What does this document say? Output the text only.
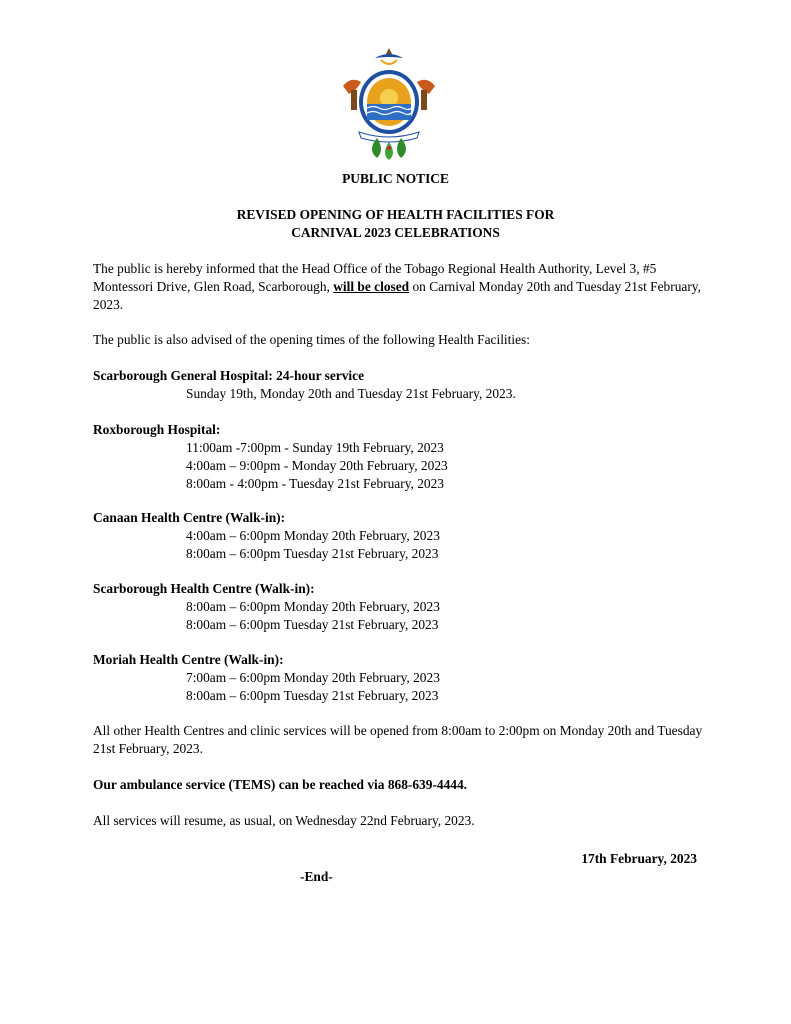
PUBLIC NOTICE
REVISED OPENING OF HEALTH FACILITIES FOR
CARNIVAL 2023 CELEBRATIONS
The public is hereby informed that the Head Office of the Tobago Regional Health Authority, Level 3, #5 Montessori Drive, Glen Road, Scarborough, will be closed on Carnival Monday 20th and Tuesday 21st February, 2023.
The public is also advised of the opening times of the following Health Facilities:
Scarborough General Hospital: 24-hour service
Sunday 19th, Monday 20th and Tuesday 21st February, 2023.
Roxborough Hospital:
11:00am -7:00pm - Sunday 19th February, 2023
4:00am – 9:00pm - Monday 20th February, 2023
8:00am - 4:00pm - Tuesday 21st February, 2023
Canaan Health Centre (Walk-in):
4:00am – 6:00pm Monday 20th February, 2023
8:00am – 6:00pm Tuesday 21st February, 2023
Scarborough Health Centre (Walk-in):
8:00am – 6:00pm Monday 20th February, 2023
8:00am – 6:00pm Tuesday 21st February, 2023
Moriah Health Centre (Walk-in):
7:00am – 6:00pm Monday 20th February, 2023
8:00am – 6:00pm Tuesday 21st February, 2023
All other Health Centres and clinic services will be opened from 8:00am to 2:00pm on Monday 20th and Tuesday 21st February, 2023.
Our ambulance service (TEMS) can be reached via 868-639-4444.
All services will resume, as usual, on Wednesday 22nd February, 2023.
17th February, 2023
-End-
